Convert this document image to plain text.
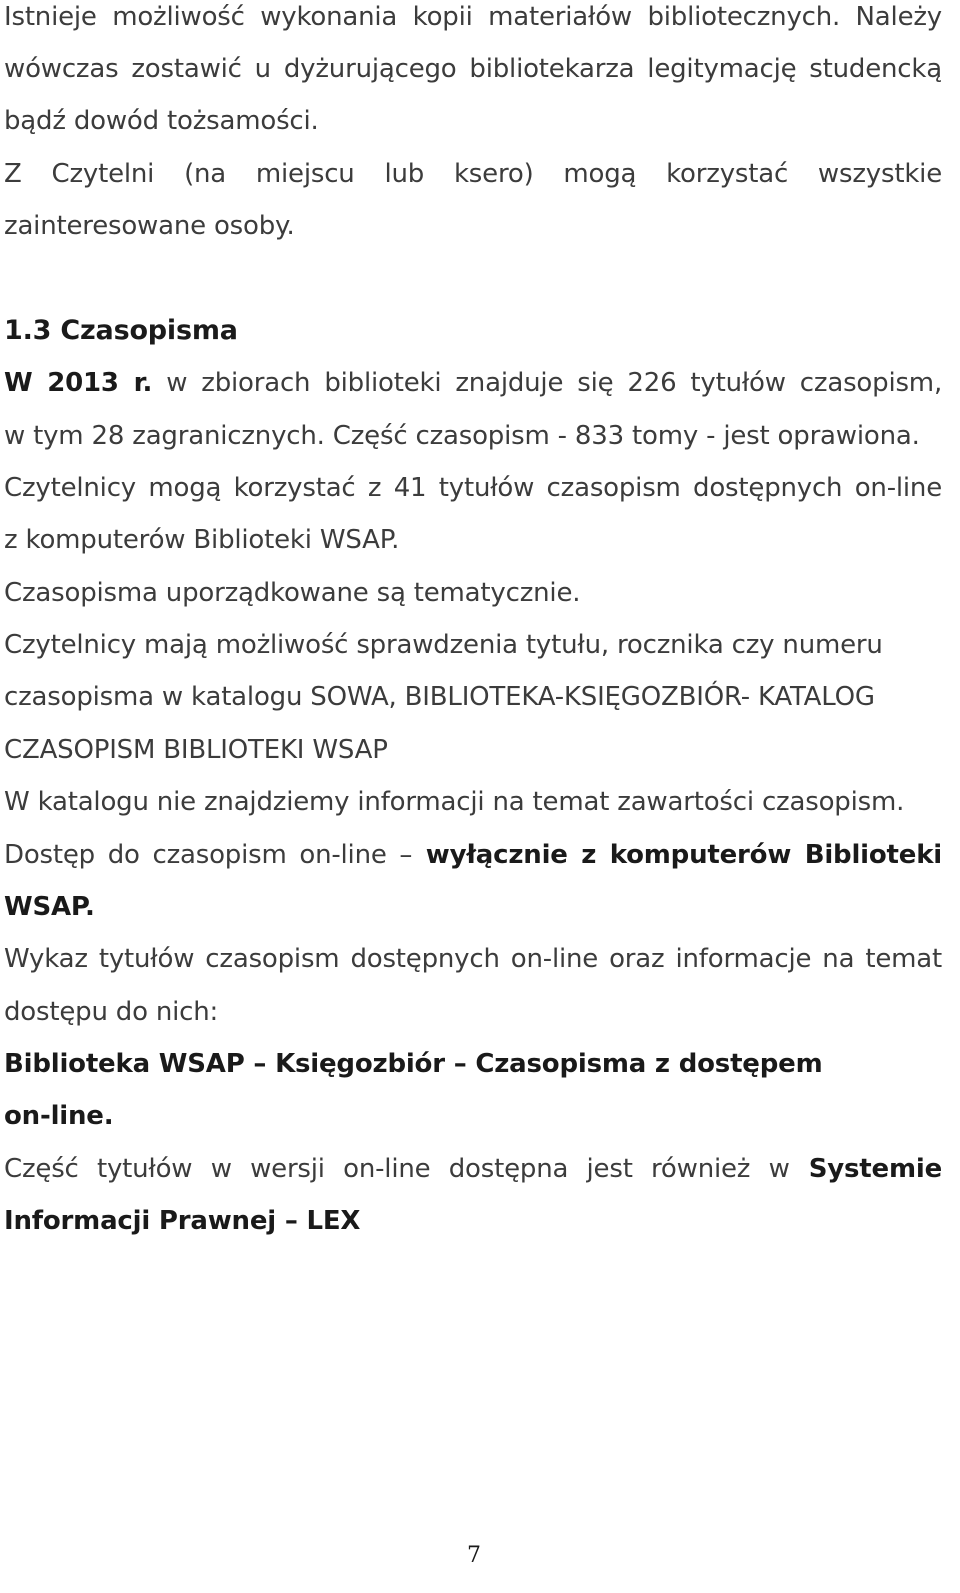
Istnieje możliwość wykonania kopii materiałów bibliotecznych. Należy
wówczas zostawić u dyżurującego bibliotekarza legitymację studencką
bądź dowód tożsamości.
Z Czytelni (na miejscu lub ksero) mogą korzystać wszystkie
zainteresowane osoby.
1.3 Czasopisma
W 2013 r. w zbiorach biblioteki znajduje się 226 tytułów czasopism,
w tym 28 zagranicznych. Część czasopism - 833 tomy - jest oprawiona.
Czytelnicy mogą korzystać z 41 tytułów czasopism dostępnych on-line
z komputerów Biblioteki WSAP.
Czasopisma uporządkowane są tematycznie.
Czytelnicy mają możliwość sprawdzenia tytułu, rocznika czy numeru
czasopisma w katalogu SOWA, BIBLIOTEKA-KSIĘGOZBIÓR- KATALOG
CZASOPISM BIBLIOTEKI WSAP
W katalogu nie znajdziemy informacji na temat zawartości czasopism.
Dostęp do czasopism on-line – wyłącznie z komputerów Biblioteki
WSAP.
Wykaz tytułów czasopism dostępnych on-line oraz informacje na temat
dostępu do nich:
Biblioteka WSAP – Księgozbiór – Czasopisma z dostępem
on-line.
Część tytułów w wersji on-line dostępna jest również w Systemie
Informacji Prawnej – LEX
7
